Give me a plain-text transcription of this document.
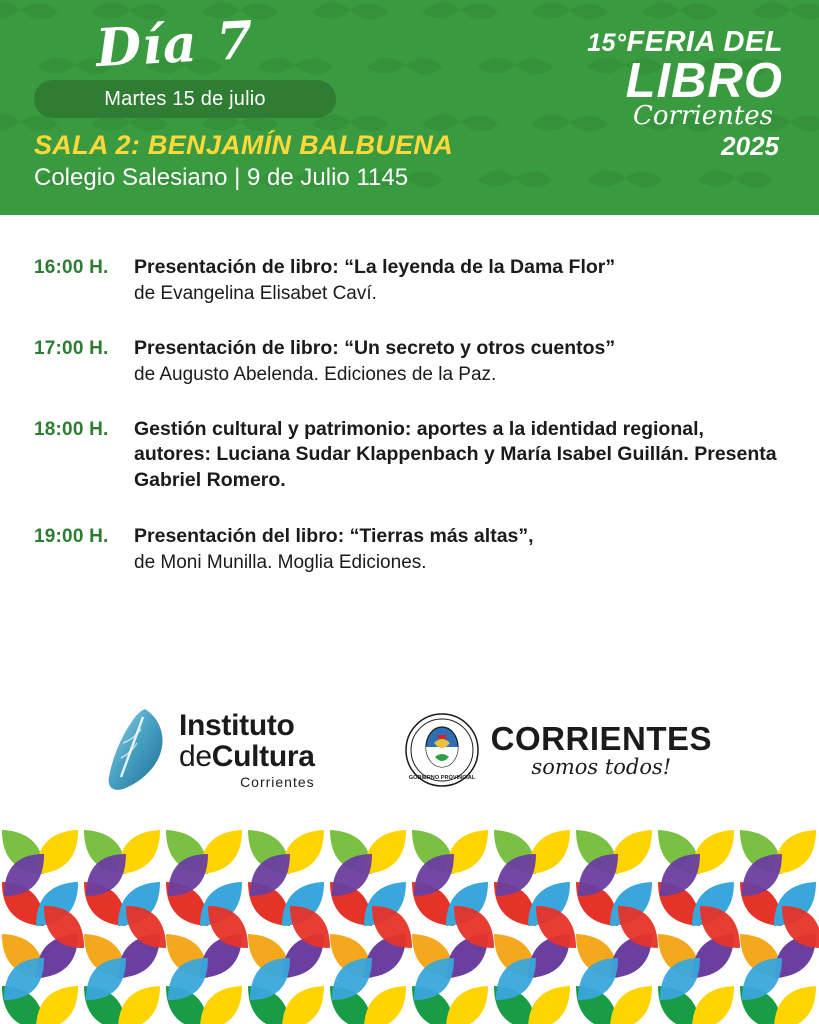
Día 7
Martes 15 de julio
SALA 2: BENJAMÍN BALBUENA
Colegio Salesiano | 9 de Julio 1145
15°FERIA DEL
LIBRO
Corrientes
2025
16:00 H.	Presentación de libro: “La leyenda de la Dama Flor”
de Evangelina Elisabet Caví.
17:00 H.	Presentación de libro: “Un secreto y otros cuentos”
de Augusto Abelenda. Ediciones de la Paz.
18:00 H.	Gestión cultural y patrimonio: aportes a la identidad regional, autores: Luciana Sudar Klappenbach y María Isabel Guillán. Presenta Gabriel Romero.
19:00 H.	Presentación del libro: “Tierras más altas”,
de Moni Munilla. Moglia Ediciones.
Instituto
deCultura
Corrientes	GOBIERNO PROVINCIAL
CORRIENTES
somos todos!
